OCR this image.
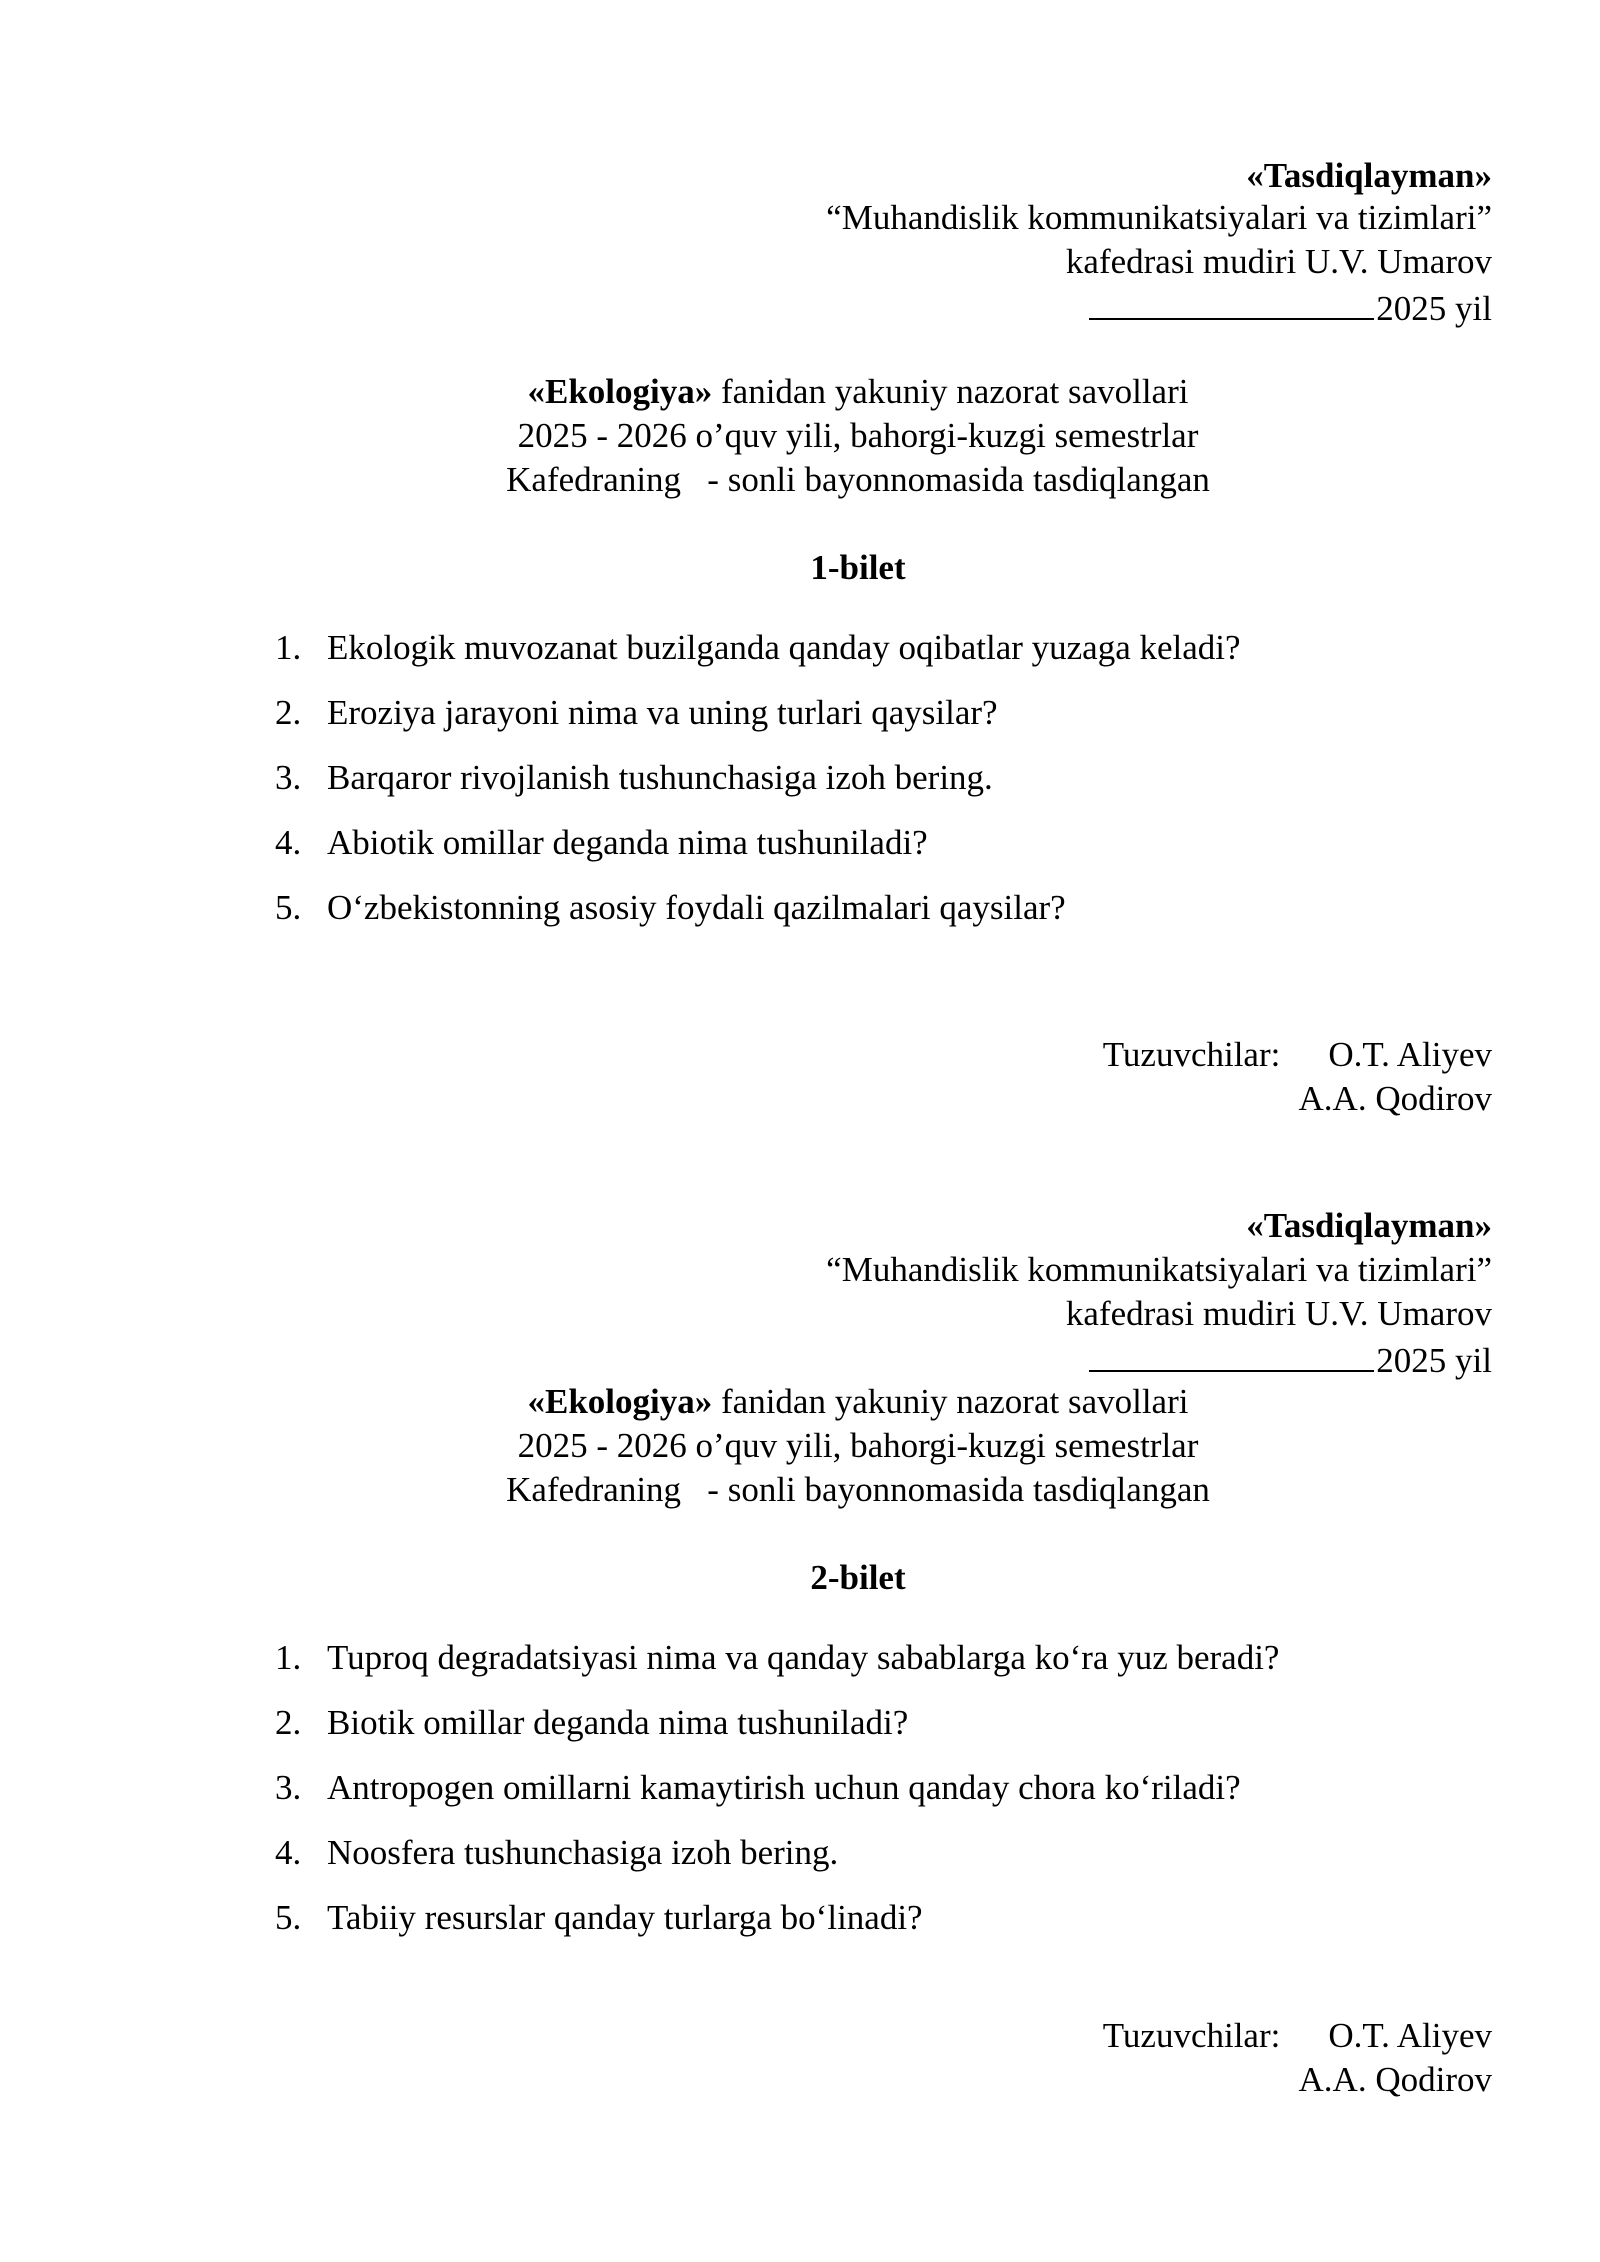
«Tasdiqlayman»
“Muhandislik kommunikatsiyalari va tizimlari”
kafedrasi mudiri U.V. Umarov
2025 yil
«Ekologiya» fanidan yakuniy nazorat savollari
2025 - 2026 o’quv yili, bahorgi-kuzgi semestrlar
Kafedraning   - sonli bayonnomasida tasdiqlangan
1-bilet
1. Ekologik muvozanat buzilganda qanday oqibatlar yuzaga keladi?
2. Eroziya jarayoni nima va uning turlari qaysilar?
3. Barqaror rivojlanish tushunchasiga izoh bering.
4. Abiotik omillar deganda nima tushuniladi?
5. O‘zbekistonning asosiy foydali qazilmalari qaysilar?
Tuzuvchilar: O.T. Aliyev
A.A. Qodirov
«Tasdiqlayman»
“Muhandislik kommunikatsiyalari va tizimlari”
kafedrasi mudiri U.V. Umarov
2025 yil
«Ekologiya» fanidan yakuniy nazorat savollari
2025 - 2026 o’quv yili, bahorgi-kuzgi semestrlar
Kafedraning   - sonli bayonnomasida tasdiqlangan
2-bilet
1. Tuproq degradatsiyasi nima va qanday sabablarga ko‘ra yuz beradi?
2. Biotik omillar deganda nima tushuniladi?
3. Antropogen omillarni kamaytirish uchun qanday chora ko‘riladi?
4. Noosfera tushunchasiga izoh bering.
5. Tabiiy resurslar qanday turlarga bo‘linadi?
Tuzuvchilar: O.T. Aliyev
A.A. Qodirov
